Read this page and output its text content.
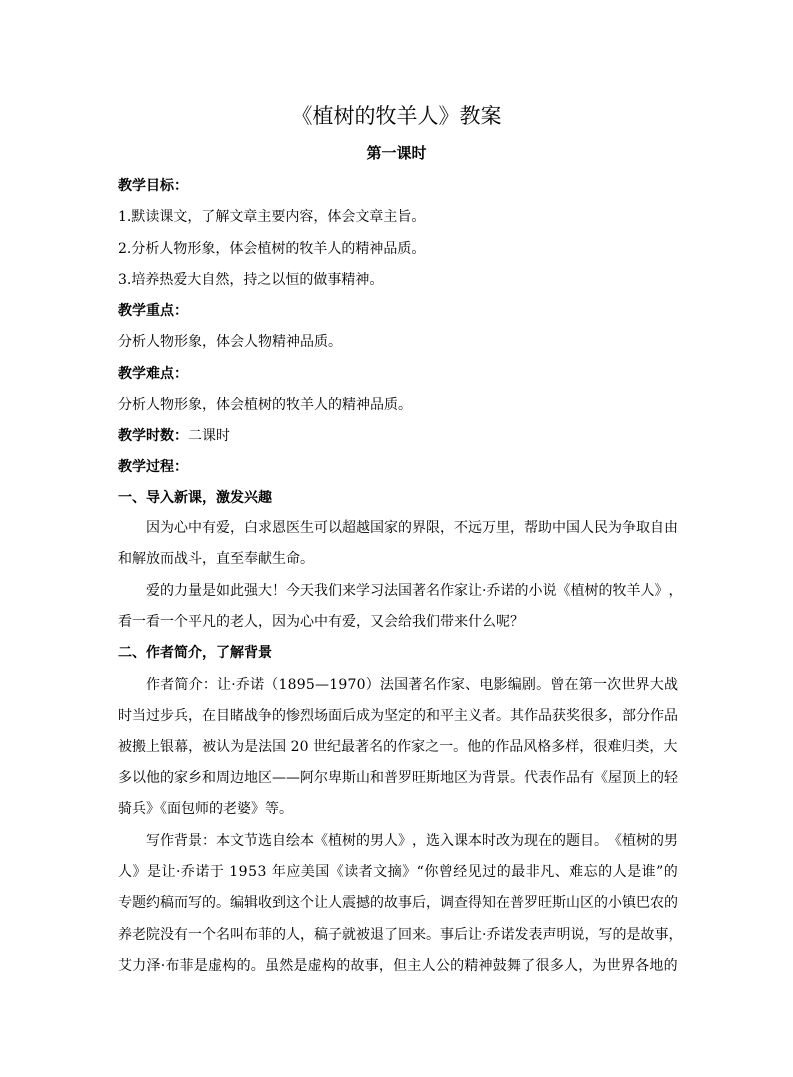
《植树的牧羊人》教案
第一课时
教学目标：
1.默读课文，了解文章主要内容，体会文章主旨。
2.分析人物形象，体会植树的牧羊人的精神品质。
3.培养热爱大自然，持之以恒的做事精神。
教学重点：
分析人物形象，体会人物精神品质。
教学难点：
分析人物形象，体会植树的牧羊人的精神品质。
教学时数：二课时
教学过程：
一、导入新课，激发兴趣
因 为 心 中 有 爱 ， 白 求 恩 医 生 可 以 超 越 国 家 的 界 限 ， 不 远 万 里 ， 帮 助 中 国 人 民 为 争 取 自 由
和解放而战斗，直至奉献生命。
爱 的 力 量 是 如 此 强 大 ！ 今 天 我 们 来 学 习 法 国 著 名 作 家 让 · 乔 诺 的 小 说 《 植 树 的 牧 羊 人 》 ，
看一看一个平凡的老人，因为心中有爱，又会给我们带来什么呢？
二、作者简介，了解背景
作 者 简 介 ： 让 · 乔 诺 （ 1 8 9 5 — 1 9 7 0 ） 法 国 著 名 作 家 、 电 影 编 剧 。 曾 在 第 一 次 世 界 大 战
时 当 过 步 兵 ， 在 目 睹 战 争 的 惨 烈 场 面 后 成 为 坚 定 的 和 平 主 义 者 。 其 作 品 获 奖 很 多 ， 部 分 作 品
被 搬 上 银 幕 ， 被 认 为 是 法 国
2 0
世 纪 最 著 名 的 作 家 之 一 。 他 的 作 品 风 格 多 样 ， 很 难 归 类 ， 大
多 以 他 的 家 乡 和 周 边 地 区 — — 阿 尔 卑 斯 山 和 普 罗 旺 斯 地 区 为 背 景 。 代 表 作 品 有 《 屋 顶 上 的 轻
骑兵》《面包师的老婆》等。
写 作 背 景 ： 本 文 节 选 自 绘 本 《 植 树 的 男 人 》 ， 选 入 课 本 时 改 为 现 在 的 题 目 。 《 植 树 的 男
人 》 是 让 · 乔 诺 于
1 9 5 3
年 应 美 国 《 读 者 文 摘 》 “ 你 曾 经 见 过 的 最 非 凡 、 难 忘 的 人 是 谁 ” 的
专 题 约 稿 而 写 的 。 编 辑 收 到 这 个 让 人 震 撼 的 故 事 后 ， 调 查 得 知 在 普 罗 旺 斯 山 区 的 小 镇 巴 农 的
养 老 院 没 有 一 个 名 叫 布 菲 的 人 ， 稿 子 就 被 退 了 回 来 。 事 后 让 · 乔 诺 发 表 声 明 说 ， 写 的 是 故 事 ，
艾 力 泽 · 布 菲 是 虚 构 的 。 虽 然 是 虚 构 的 故 事 ， 但 主 人 公 的 精 神 鼓 舞 了 很 多 人 ， 为 世 界 各 地 的
